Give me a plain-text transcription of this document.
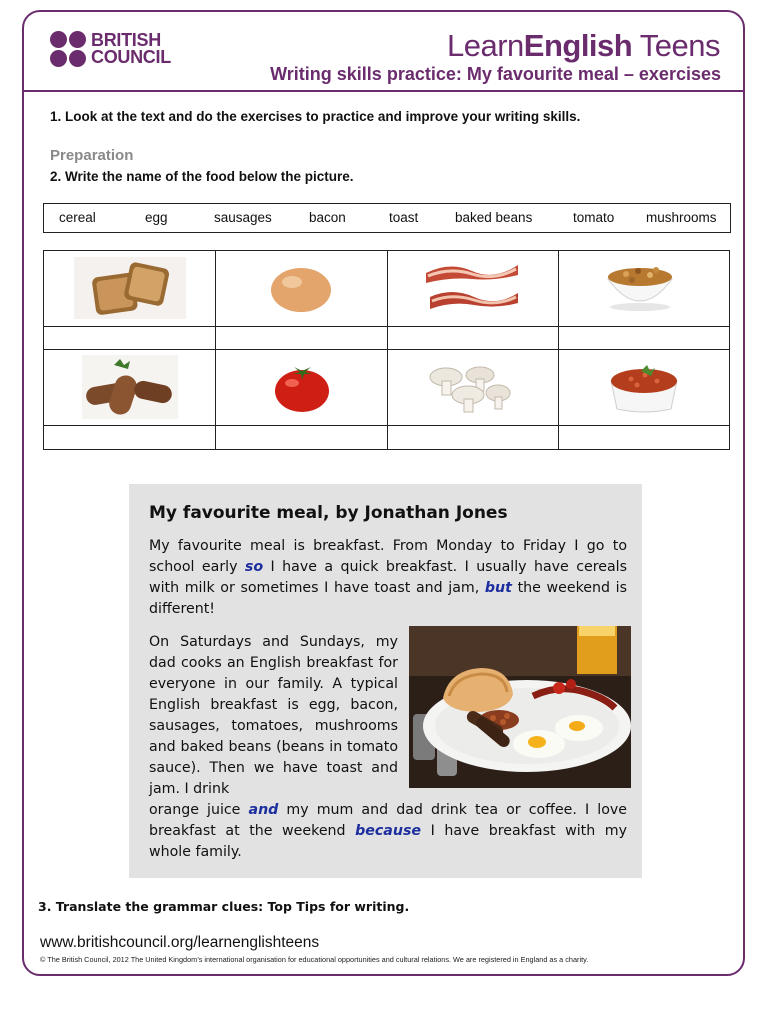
BRITISH
COUNCIL	LearnEnglish Teens
Writing skills practice: My favourite meal – exercises
1. Look at the text and do the exercises to practice and improve your writing skills.
Preparation
2. Write the name of the food below the picture.
cereal	egg	sausages	bacon	toast	baked beans	tomato mushrooms
My favourite meal, by Jonathan Jones

My favourite meal is breakfast. From Monday to Friday I go to school early so I have a quick breakfast. I usually have cereals with milk or sometimes I have toast and jam, but the weekend is different!

On Saturdays and Sundays, my dad cooks an English breakfast for everyone in our family. A typical English breakfast is egg, bacon, sausages, tomatoes, mushrooms and baked beans (beans in tomato sauce). Then we have toast and jam. I drink

orange juice and my mum and dad drink tea or coffee. I love breakfast at the weekend because I have breakfast with my whole family.

3. Translate the grammar clues: Top Tips for writing.
www.britishcouncil.org/learnenglishteens
© The British Council, 2012 The United Kingdom’s international organisation for educational opportunities and cultural relations. We are registered in England as a charity.
